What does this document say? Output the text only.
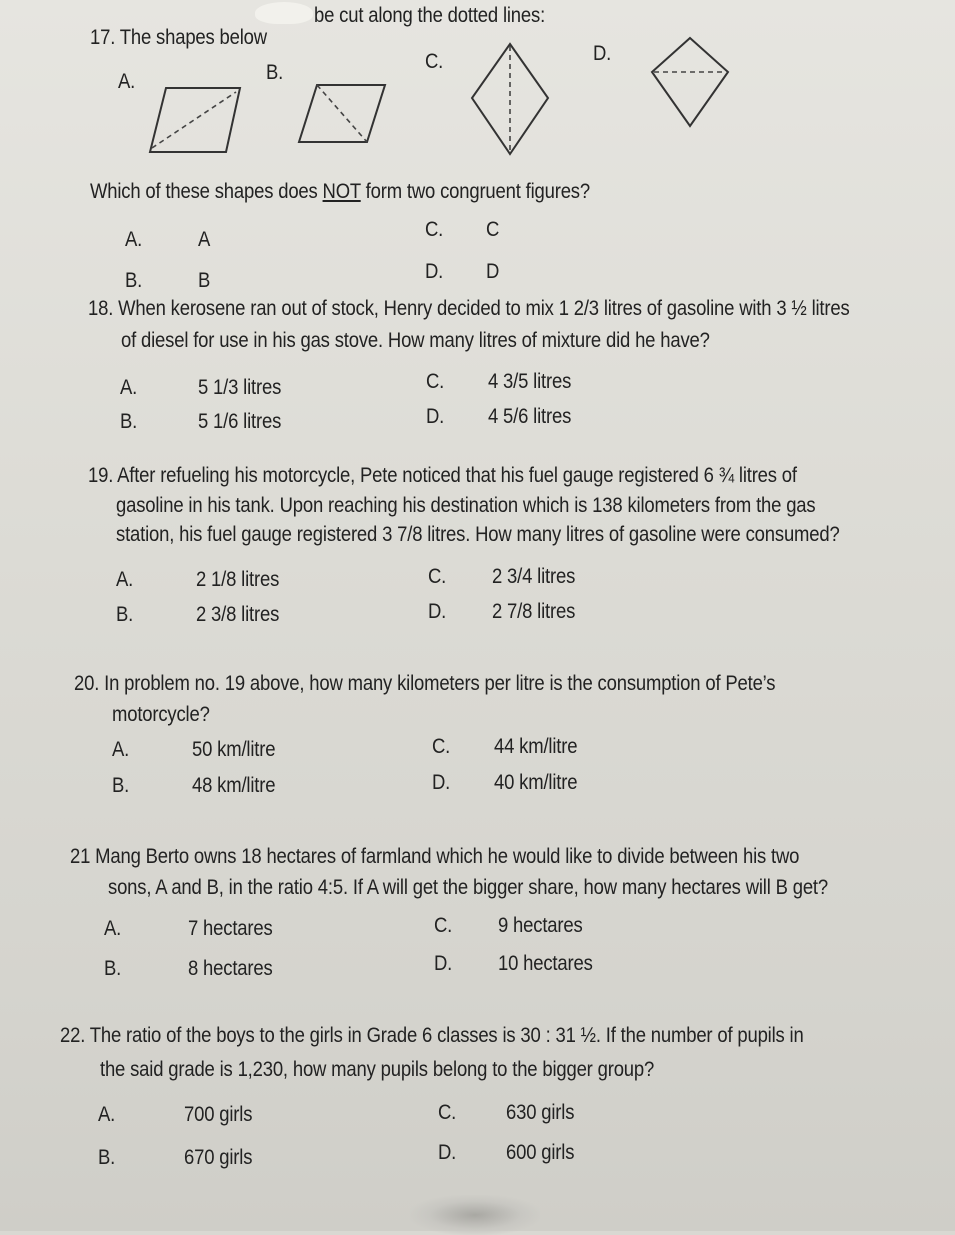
17. The shapes below
be cut along the dotted lines:
A.	B.	C.	D.
Which of these shapes does NOT form two congruent figures?
A.	A
B.	B
C. C
D. D
18. When kerosene ran out of stock, Henry decided to mix 1 2/3 litres of gasoline with 3 ½ litres
of diesel for use in his gas stove. How many litres of mixture did he have?
A.	5 1/3 litres
B.	5 1/6 litres
C. 4 3/5 litres
D. 4 5/6 litres
19. After refueling his motorcycle, Pete noticed that his fuel gauge registered 6 ¾ litres of
gasoline in his tank. Upon reaching his destination which is 138 kilometers from the gas
station, his fuel gauge registered 3 7/8 litres. How many litres of gasoline were consumed?
A.	2 1/8 litres
B.	2 3/8 litres
C. 2 3/4 litres
D. 2 7/8 litres
20. In problem no. 19 above, how many kilometers per litre is the consumption of Pete’s
motorcycle?
A.	50 km/litre
B.	48 km/litre
C. 44 km/litre
D. 40 km/litre
21 Mang Berto owns 18 hectares of farmland which he would like to divide between his two
sons, A and B, in the ratio 4:5. If A will get the bigger share, how many hectares will B get?
A.	7 hectares
B.	8 hectares
C. 9 hectares
D. 10 hectares
22. The ratio of the boys to the girls in Grade 6 classes is 30 : 31 ½. If the number of pupils in
the said grade is 1,230, how many pupils belong to the bigger group?
A.	700 girls
B.	670 girls
C. 630 girls
D. 600 girls
